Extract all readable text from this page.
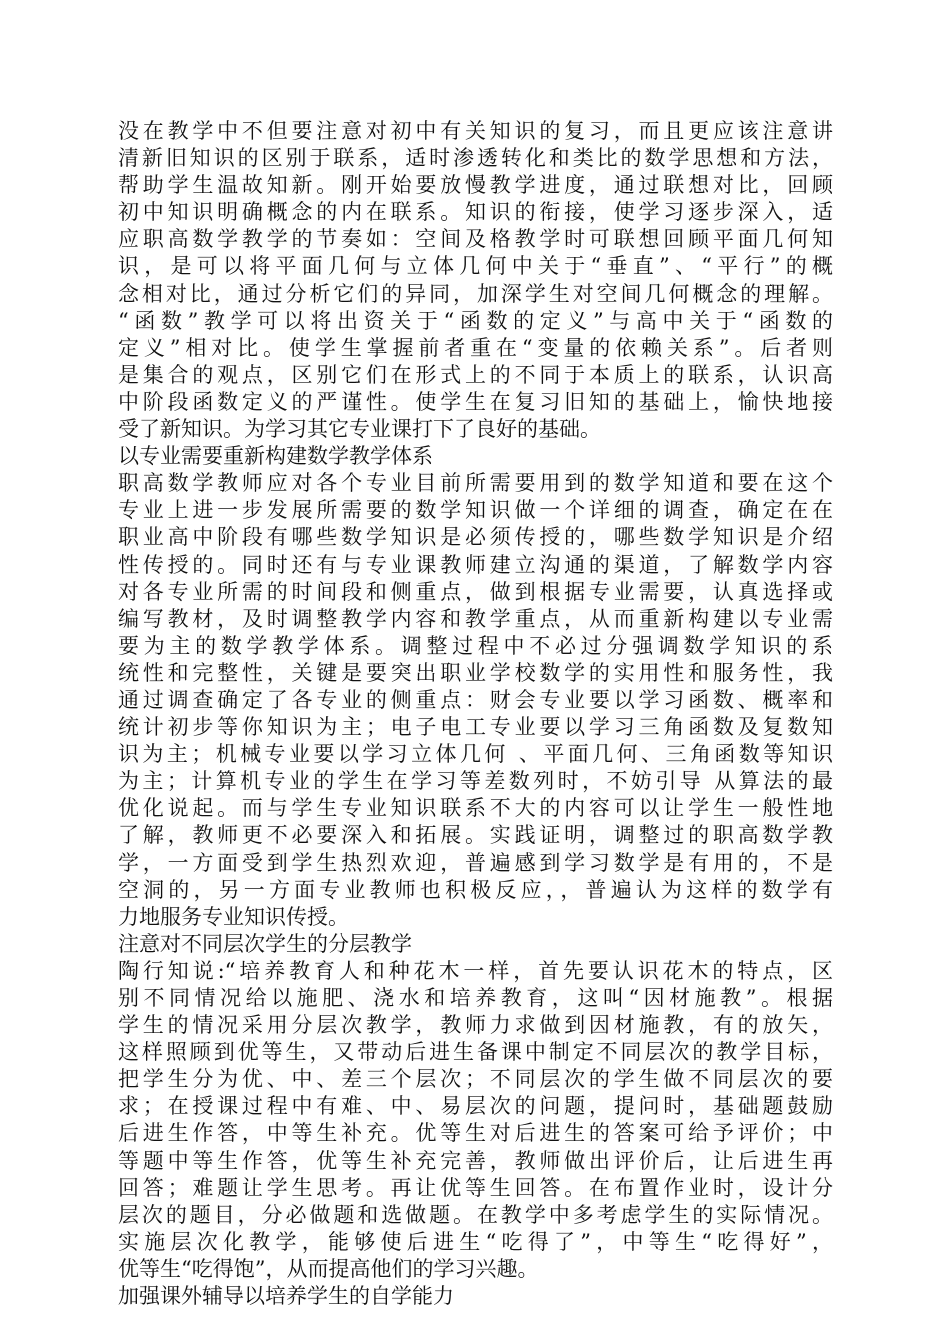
没在教学中不但要注意对初中有关知识的复习，而且更应该注意讲
清新旧知识的区别于联系，适时渗透转化和类比的数学思想和方法，
帮助学生温故知新。刚开始要放慢教学进度，通过联想对比，回顾
初中知识明确概念的内在联系。知识的衔接，使学习逐步深入，适
应职高数学教学的节奏如：空间及格教学时可联想回顾平面几何知
识，是可以将平面几何与立体几何中关于“垂直”、“平行”的概
念相对比，通过分析它们的异同，加深学生对空间几何概念的理解。
“函数”教学可以将出资关于“函数的定义”与高中关于“函数的
定义”相对比。使学生掌握前者重在“变量的依赖关系”。后者则
是集合的观点，区别它们在形式上的不同于本质上的联系，认识高
中阶段函数定义的严谨性。使学生在复习旧知的基础上，愉快地接
受了新知识。为学习其它专业课打下了良好的基础。
以专业需要重新构建数学教学体系
职高数学教师应对各个专业目前所需要用到的数学知道和要在这个
专业上进一步发展所需要的数学知识做一个详细的调查，确定在在
职业高中阶段有哪些数学知识是必须传授的，哪些数学知识是介绍
性传授的。同时还有与专业课教师建立沟通的渠道，了解数学内容
对各专业所需的时间段和侧重点，做到根据专业需要，认真选择或
编写教材，及时调整教学内容和教学重点，从而重新构建以专业需
要为主的数学教学体系。调整过程中不必过分强调数学知识的系
统性和完整性，关键是要突出职业学校数学的实用性和服务性，我
通过调查确定了各专业的侧重点：财会专业要以学习函数、概率和
统计初步等你知识为主；电子电工专业要以学习三角函数及复数知
识为主；机械专业要以学习立体几何 、平面几何、三角函数等知识
为主；计算机专业的学生在学习等差数列时，不妨引导 从算法的最
优化说起。而与学生专业知识联系不大的内容可以让学生一般性地
了解，教师更不必要深入和拓展。实践证明，调整过的职高数学教
学，一方面受到学生热烈欢迎，普遍感到学习数学是有用的，不是
空洞的，另一方面专业教师也积极反应，，普遍认为这样的数学有
力地服务专业知识传授。
注意对不同层次学生的分层教学
陶行知说:“培养教育人和种花木一样，首先要认识花木的特点，区
别不同情况给以施肥、浇水和培养教育，这叫“因材施教”。根据
学生的情况采用分层次教学，教师力求做到因材施教，有的放矢，
这样照顾到优等生，又带动后进生备课中制定不同层次的教学目标，
把学生分为优、中、差三个层次；不同层次的学生做不同层次的要
求；在授课过程中有难、中、易层次的问题，提问时，基础题鼓励
后进生作答，中等生补充。优等生对后进生的答案可给予评价；中
等题中等生作答，优等生补充完善，教师做出评价后，让后进生再
回答；难题让学生思考。再让优等生回答。在布置作业时，设计分
层次的题目，分必做题和选做题。在教学中多考虑学生的实际情况。
实施层次化教学，能够使后进生“吃得了”，中等生“吃得好”，
优等生“吃得饱”，从而提高他们的学习兴趣。
加强课外辅导以培养学生的自学能力
